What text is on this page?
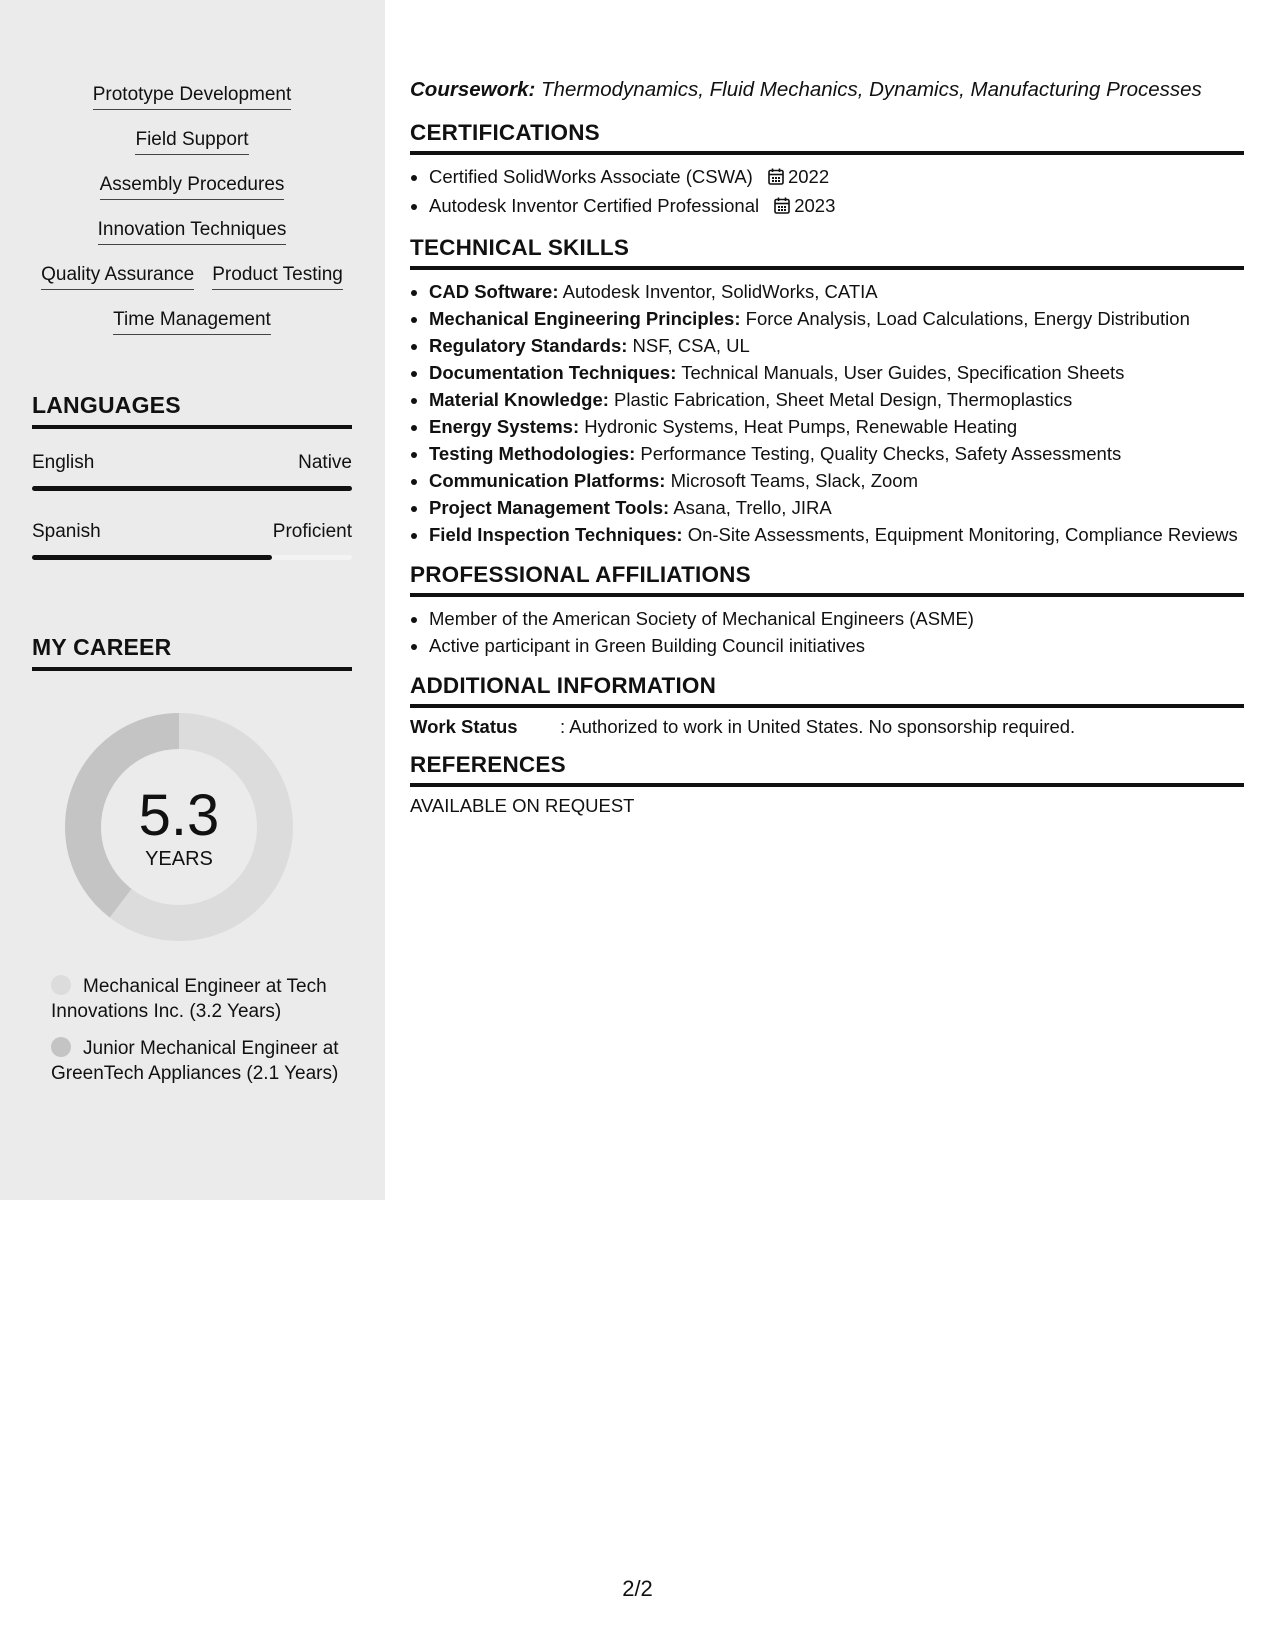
Prototype Development
Field Support
Assembly Procedures
Innovation Techniques
Quality Assurance Product Testing
Time Management
LANGUAGES
English	Native
Spanish	Proficient
MY CAREER
5.3
YEARS
Mechanical Engineer at Tech Innovations Inc. (3.2 Years)
Junior Mechanical Engineer at GreenTech Appliances (2.1 Years)
Coursework: Thermodynamics, Fluid Mechanics, Dynamics, Manufacturing Processes
CERTIFICATIONS
• Certified SolidWorks Associate (CSWA) 2022
• Autodesk Inventor Certified Professional 2023
TECHNICAL SKILLS
• CAD Software: Autodesk Inventor, SolidWorks, CATIA
• Mechanical Engineering Principles: Force Analysis, Load Calculations, Energy Distribution
• Regulatory Standards: NSF, CSA, UL
• Documentation Techniques: Technical Manuals, User Guides, Specification Sheets
• Material Knowledge: Plastic Fabrication, Sheet Metal Design, Thermoplastics
• Energy Systems: Hydronic Systems, Heat Pumps, Renewable Heating
• Testing Methodologies: Performance Testing, Quality Checks, Safety Assessments
• Communication Platforms: Microsoft Teams, Slack, Zoom
• Project Management Tools: Asana, Trello, JIRA
• Field Inspection Techniques: On-Site Assessments, Equipment Monitoring, Compliance Reviews
PROFESSIONAL AFFILIATIONS
• Member of the American Society of Mechanical Engineers (ASME)
• Active participant in Green Building Council initiatives
ADDITIONAL INFORMATION
Work Status	: Authorized to work in United States. No sponsorship required.
REFERENCES
AVAILABLE ON REQUEST
2/2
